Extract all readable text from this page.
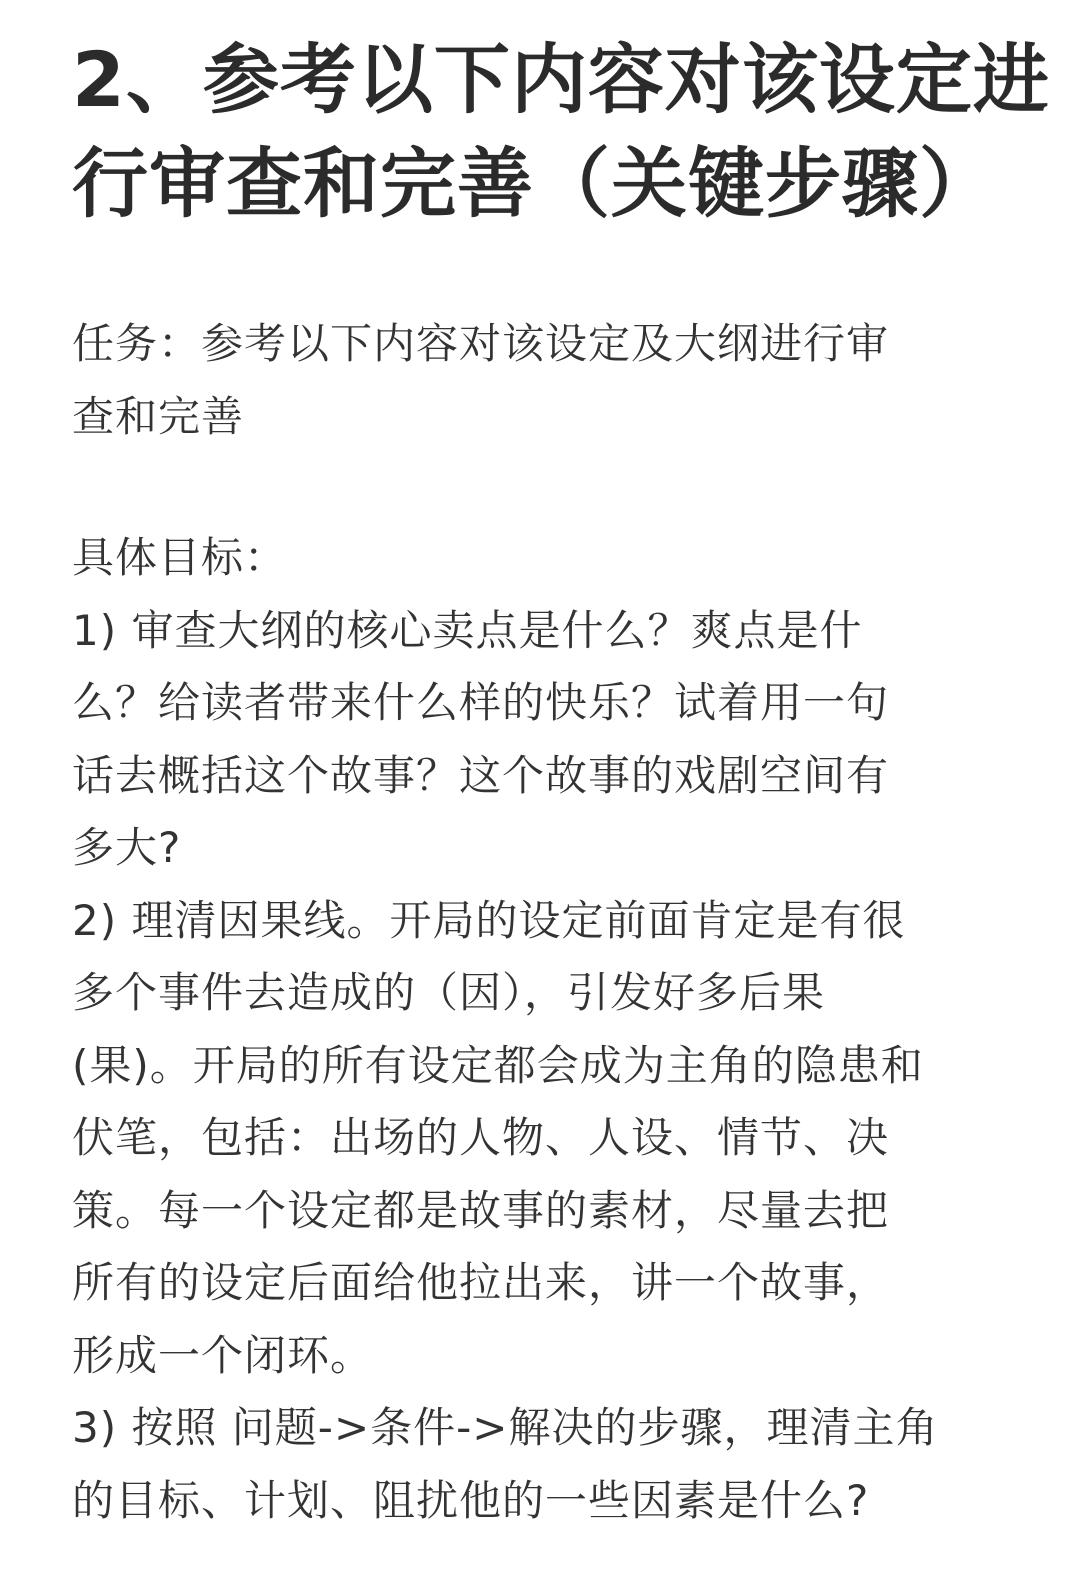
2、参考以下内容对该设定进
行审查和完善（关键步骤）
任务：参考以下内容对该设定及大纲进行审
查和完善
具体目标：
1) 审查大纲的核心卖点是什么？爽点是什
么？给读者带来什么样的快乐？试着用一句
话去概括这个故事？这个故事的戏剧空间有
多大?
2) 理清因果线。开局的设定前面肯定是有很
多个事件去造成的（因），引发好多后果
(果)。开局的所有设定都会成为主角的隐患和
伏笔，包括：出场的人物、人设、情节、决
策。每一个设定都是故事的素材，尽量去把
所有的设定后面给他拉出来，讲一个故事，
形成一个闭环。
3) 按照 问题->条件->解决的步骤，理清主角
的目标、计划、阻扰他的一些因素是什么?
